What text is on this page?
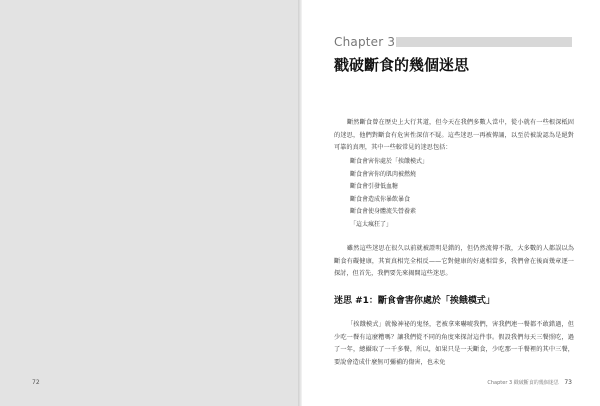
72
Chapter 3
戳破斷食的幾個迷思

斷然斷食曾在歷史上大行其道，但今天在我們多數人當中，從小就有一些根深柢固的迷思，他們對斷食有危害性深信不疑。這些迷思一再被傳誦，以至於被說認為是絕對可靠的真理，其中一些較常見的迷思包括：

斷食會害你處於「挨餓模式」
斷食會害你的肌肉被燃燒
斷食會引發低血糖
斷食會造成你暴飲暴食
斷食會使身體流失營養素
「這太瘋狂了」

雖然這些迷思在很久以前就被證明是錯的，但仍然流傳不散，大多數的人都誤以為斷食有礙健康，其實真相完全相反——它對健康的好處相當多，我們會在後面幾章逐一探討，但首先，我們要先來揭開這些迷思。

迷思 #1：斷食會害你處於「挨餓模式」

「挨餓模式」就像神祕的鬼怪，老被拿來嚇唬我們，害我們連一餐都不敢錯過，但少吃一餐有這麼糟嗎？讓我們從不同的角度來探討這件事。假設我們每天三餐照吃，過了一年，總攝取了一千多餐，所以，如果只是一天斷食，少吃那一千餐裡的其中三餐，要說會造成什麼無可彌補的傷害，也未免

Chapter 3 戳破斷食的幾個迷思 73
